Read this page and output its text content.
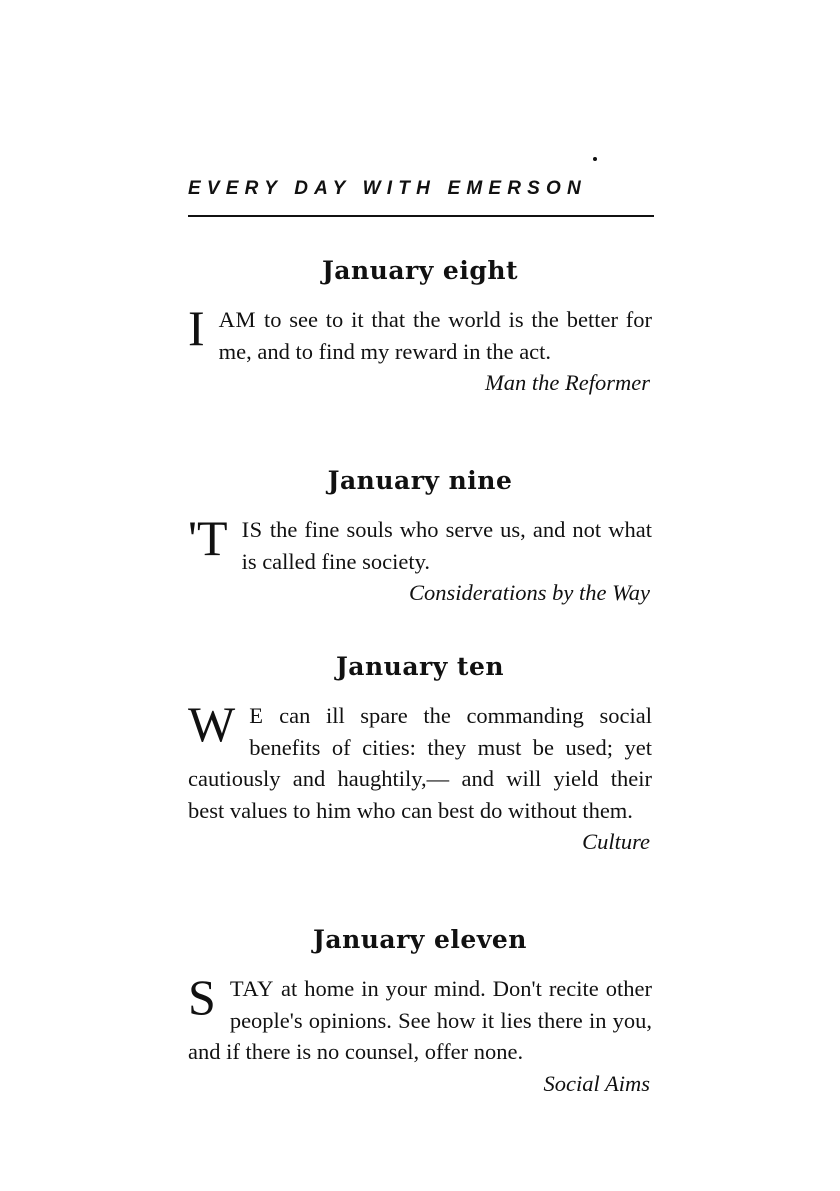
EVERY DAY WITH EMERSON
January eight

IAM to see to it that the world is the better for me, and to find my reward in the act.

Man the Reformer

January nine

'TIS the fine souls who serve us, and not what is called fine society.

Considerations by the Way

January ten

W E can ill spare the commanding social benefits of cities: they must be used; yet cautiously and haughtily,— and will yield their best values to him who can best do without them.

Culture

January eleven

STAY at home in your mind. Don't recite other people's opinions. See how it lies there in you, and if there is no counsel, offer none.

Social Aims
